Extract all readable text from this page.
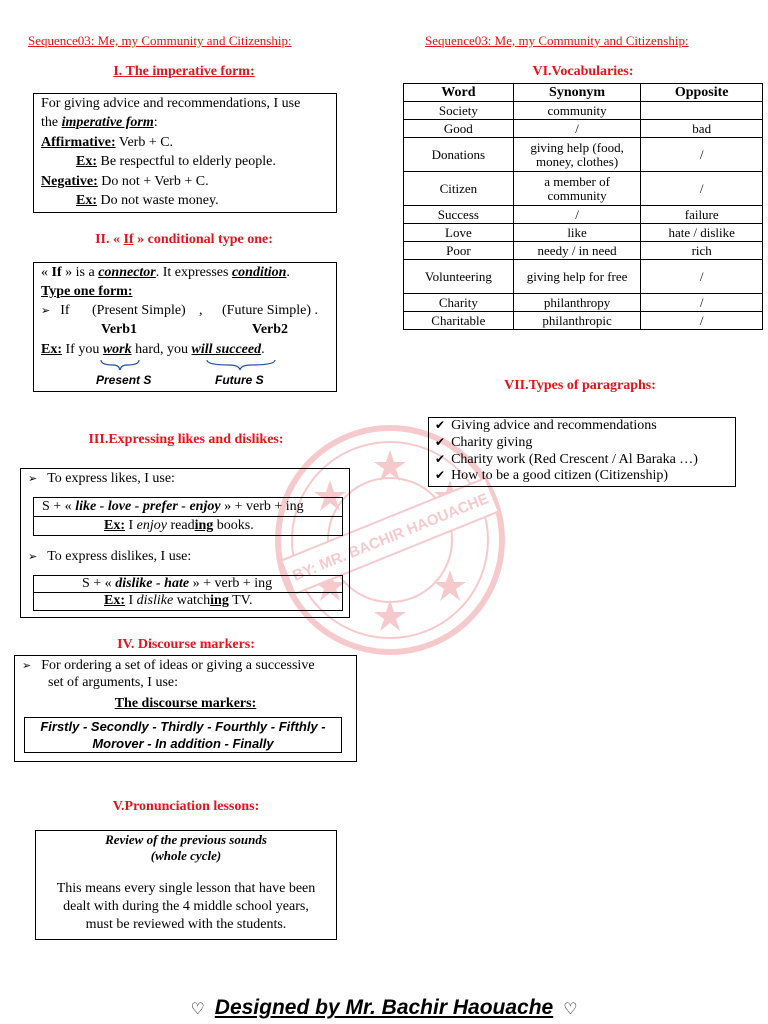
Sequence03: Me, my Community and Citizenship:	Sequence03: Me, my Community and Citizenship:
BY: MR. BACHIR HAOUACHE
I. The imperative form:
For giving advice and recommendations, I use
the imperative form:
Affirmative: Verb + C.
Ex: Be respectful to elderly people.
Negative: Do not + Verb + C.
Ex: Do not waste money.
II. « If » conditional type one:
« If » is a connector. It expresses condition.
Type one form:
➢ If (Present Simple) , (Future Simple) .
Verb1	Verb2
Ex: If you work hard, you will succeed.
Present S	Future S
III.Expressing likes and dislikes:
➢ To express likes, I use:
S + « like - love - prefer - enjoy » + verb + ing
Ex: I enjoy reading books.
➢ To express dislikes, I use:
S + « dislike - hate » + verb + ing
Ex: I dislike watching TV.
IV. Discourse markers:
➢ For ordering a set of ideas or giving a successive
set of arguments, I use:
The discourse markers:
Firstly - Secondly - Thirdly - Fourthly - Fifthly -
Morover - In addition - Finally
V.Pronunciation lessons:
Review of the previous sounds
(whole cycle)
This means every single lesson that have been
dealt with during the 4 middle school years,
must be reviewed with the students.
VI.Vocabularies:
Word	Synonym	Opposite
Society	community	
Good	/	bad
Donations	giving help (food, money, clothes)	/
Citizen	a member of community	/
Success	/	failure
Love	like	hate / dislike
Poor	needy / in need	rich
Volunteering	giving help for free	/
Charity	philanthropy	/
Charitable	philanthropic	/
VII.Types of paragraphs:
✔ Giving advice and recommendations
✔ Charity giving
✔ Charity work (Red Crescent / Al Baraka …)
✔ How to be a good citizen (Citizenship)
♡ Designed by Mr. Bachir Haouache ♡
